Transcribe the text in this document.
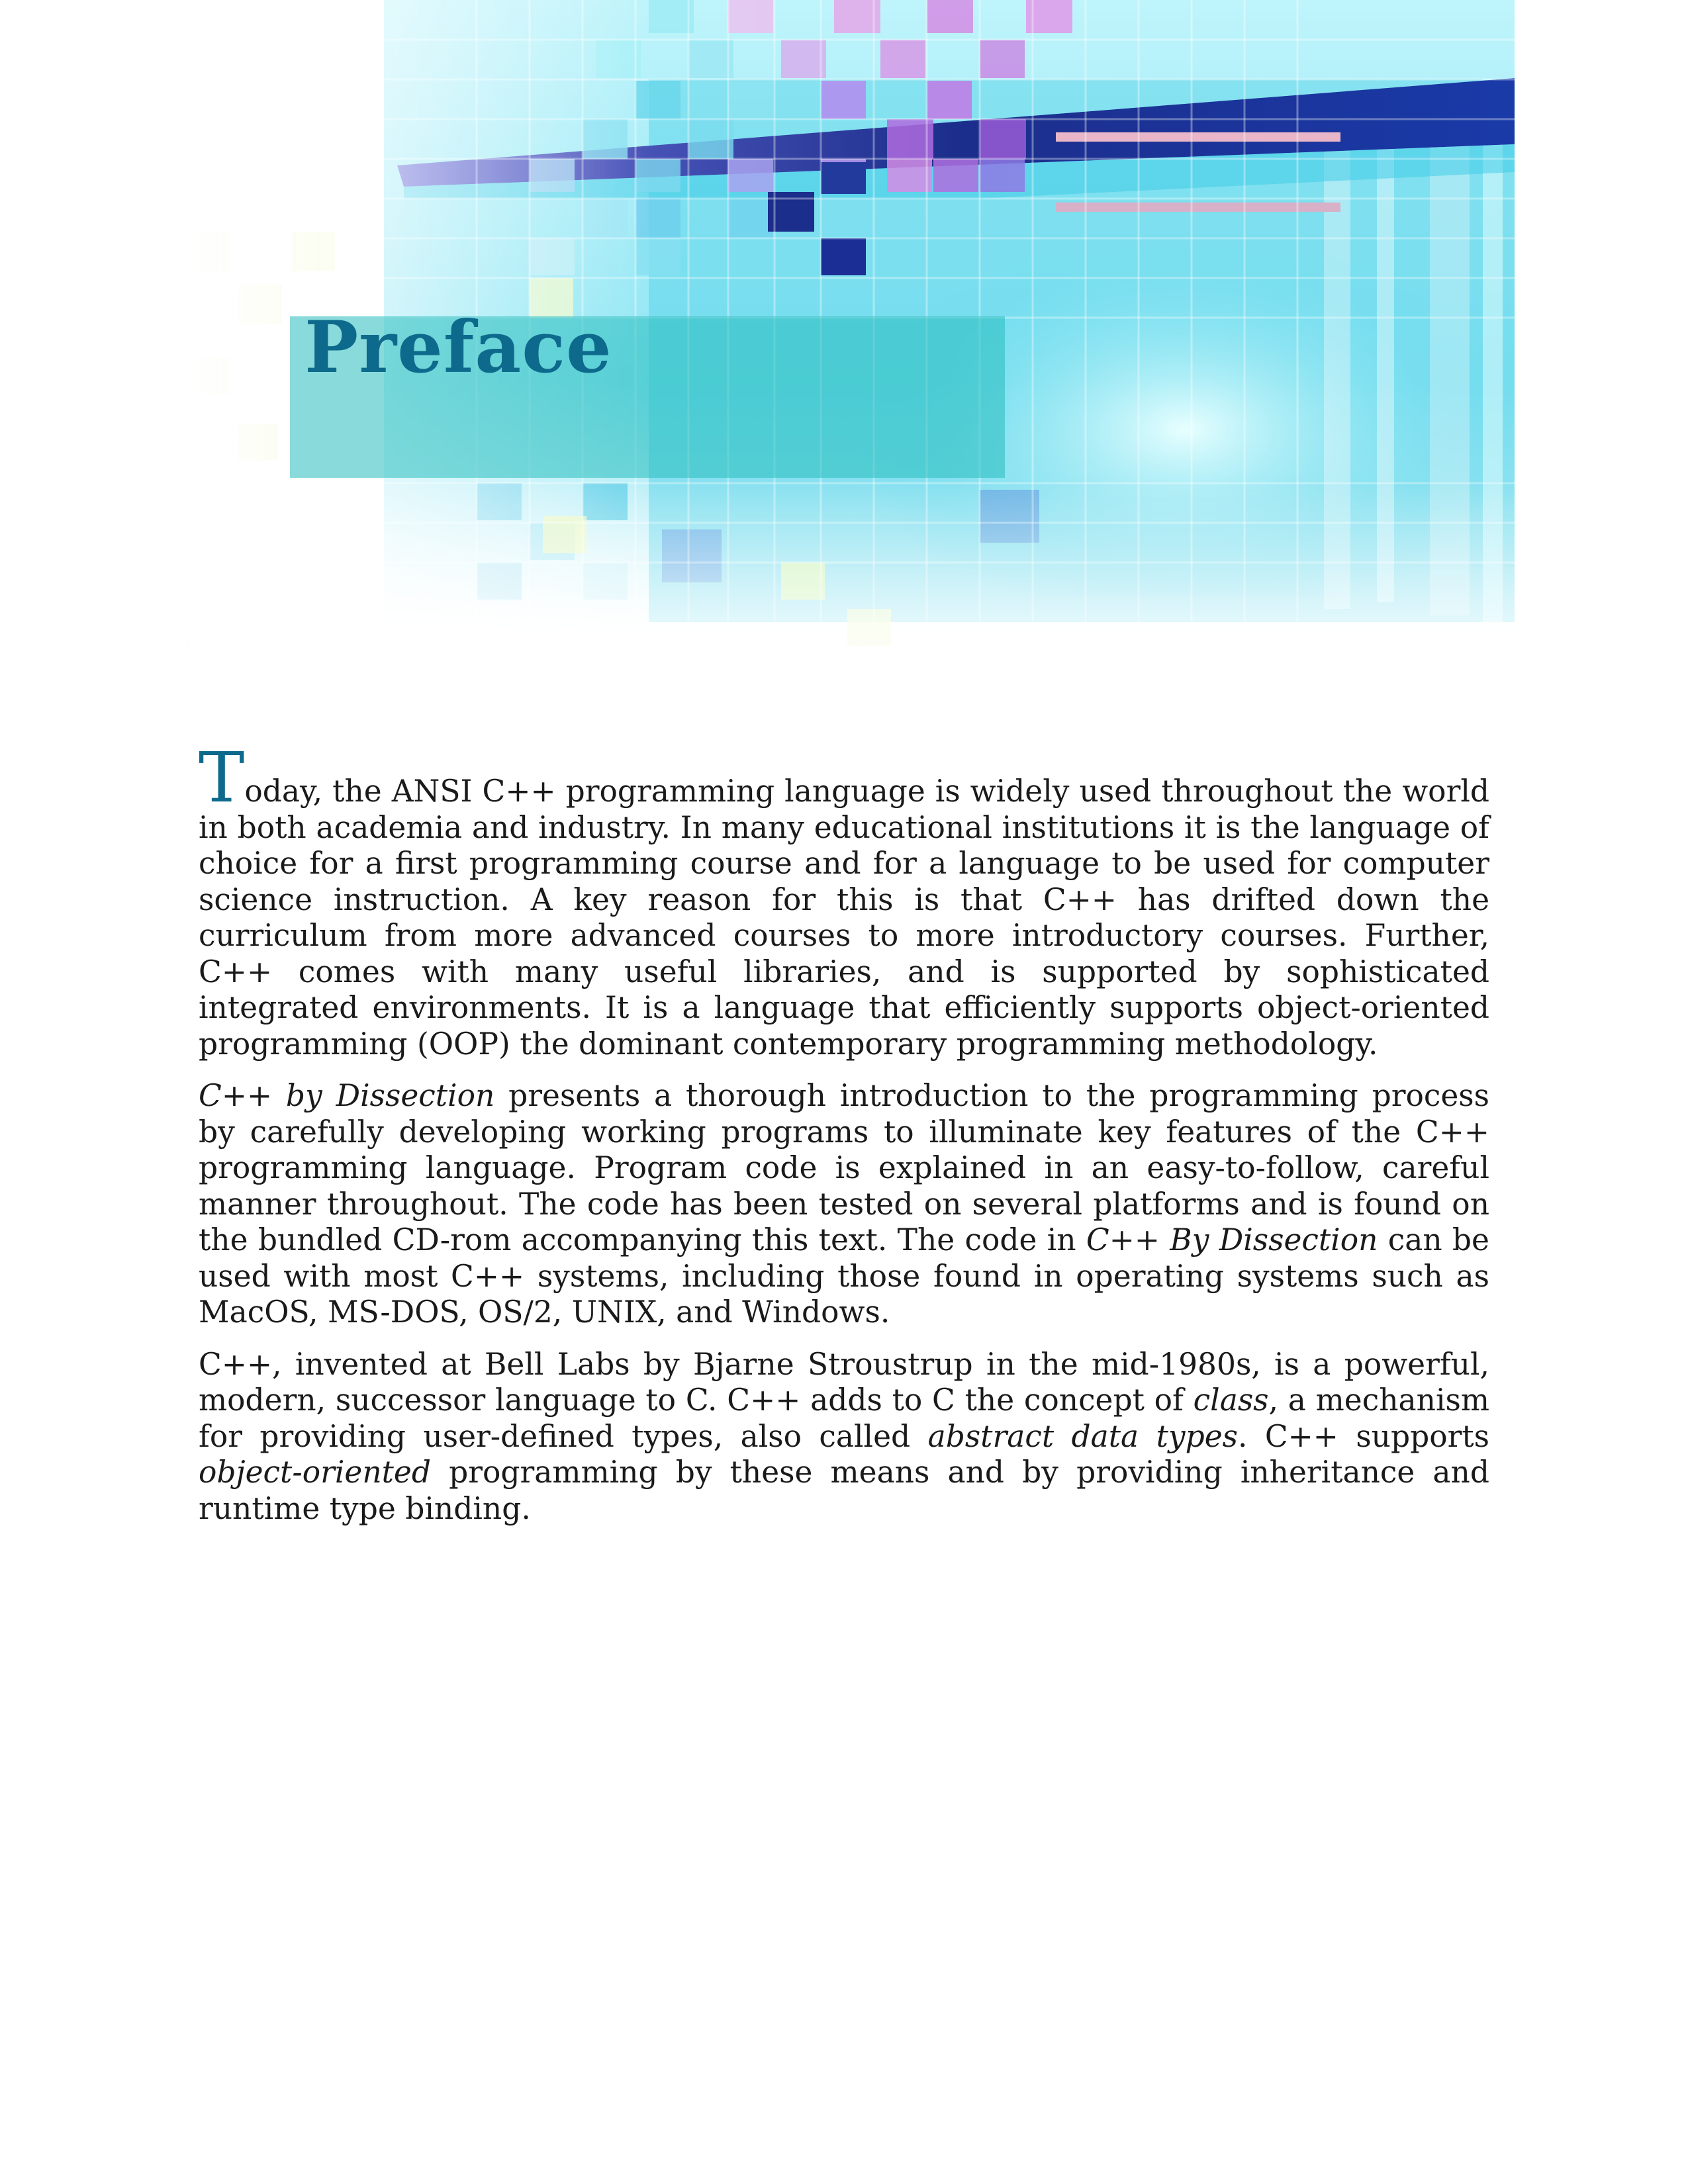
Preface

Today, the ANSI C++ programming language is widely used throughout the world in both academia and industry. In many educational institutions it is the language of choice for a first programming course and for a language to be used for computer science instruction. A key reason for this is that C++ has drifted down the curriculum from more advanced courses to more introductory courses. Further, C++ comes with many useful libraries, and is supported by sophisticated integrated environments. It is a language that efficiently supports object-oriented programming (OOP) the dominant contemporary programming methodology.

C++ by Dissection presents a thorough introduction to the programming process by carefully developing working programs to illuminate key features of the C++ programming language. Program code is explained in an easy-to-follow, careful manner throughout. The code has been tested on several platforms and is found on the bundled CD-rom accompanying this text. The code in C++ By Dissection can be used with most C++ systems, including those found in operating systems such as MacOS, MS-DOS, OS/2, UNIX, and Windows.

C++, invented at Bell Labs by Bjarne Stroustrup in the mid-1980s, is a powerful, modern, successor language to C. C++ adds to C the concept of class, a mechanism for providing user-defined types, also called abstract data types. C++ supports object-oriented programming by these means and by providing inheritance and runtime type binding.
